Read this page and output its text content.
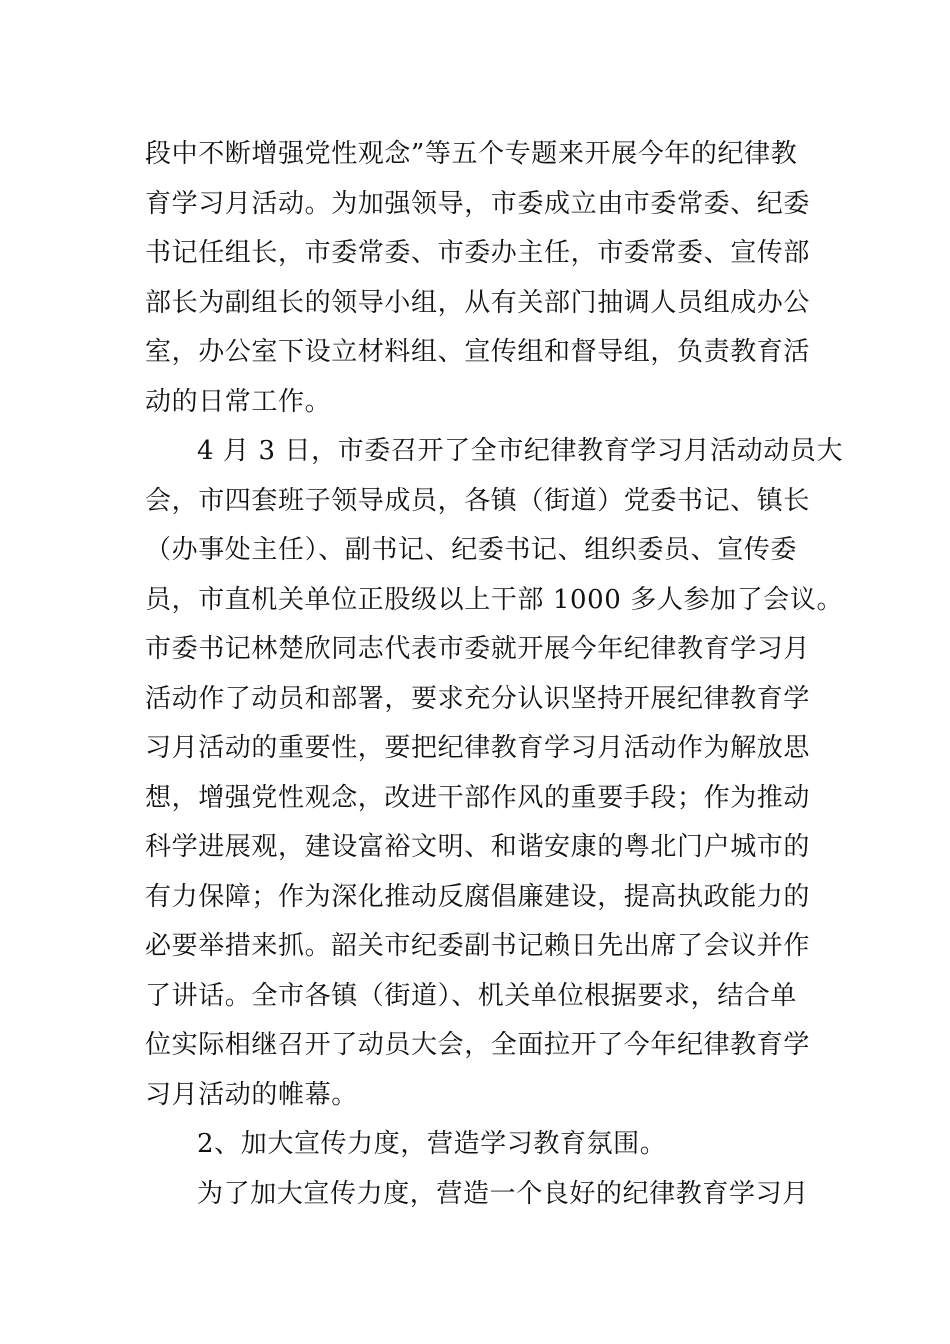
段中不断增强党性观念”等五个专题来开展今年的纪律教
育学习月活动。为加强领导，市委成立由市委常委、纪委
书记任组长，市委常委、市委办主任，市委常委、宣传部
部长为副组长的领导小组，从有关部门抽调人员组成办公
室，办公室下设立材料组、宣传组和督导组，负责教育活
动的日常工作。
4 月 3 日，市委召开了全市纪律教育学习月活动动员大
会，市四套班子领导成员，各镇（街道）党委书记、镇长
（办事处主任）、副书记、纪委书记、组织委员、宣传委
员，市直机关单位正股级以上干部 1000 多人参加了会议。
市委书记林楚欣同志代表市委就开展今年纪律教育学习月
活动作了动员和部署，要求充分认识坚持开展纪律教育学
习月活动的重要性，要把纪律教育学习月活动作为解放思
想，增强党性观念，改进干部作风的重要手段；作为推动
科学进展观，建设富裕文明、和谐安康的粤北门户城市的
有力保障；作为深化推动反腐倡廉建设，提高执政能力的
必要举措来抓。韶关市纪委副书记赖日先出席了会议并作
了讲话。全市各镇（街道）、机关单位根据要求，结合单
位实际相继召开了动员大会，全面拉开了今年纪律教育学
习月活动的帷幕。
2、加大宣传力度，营造学习教育氛围。
为了加大宣传力度，营造一个良好的纪律教育学习月
